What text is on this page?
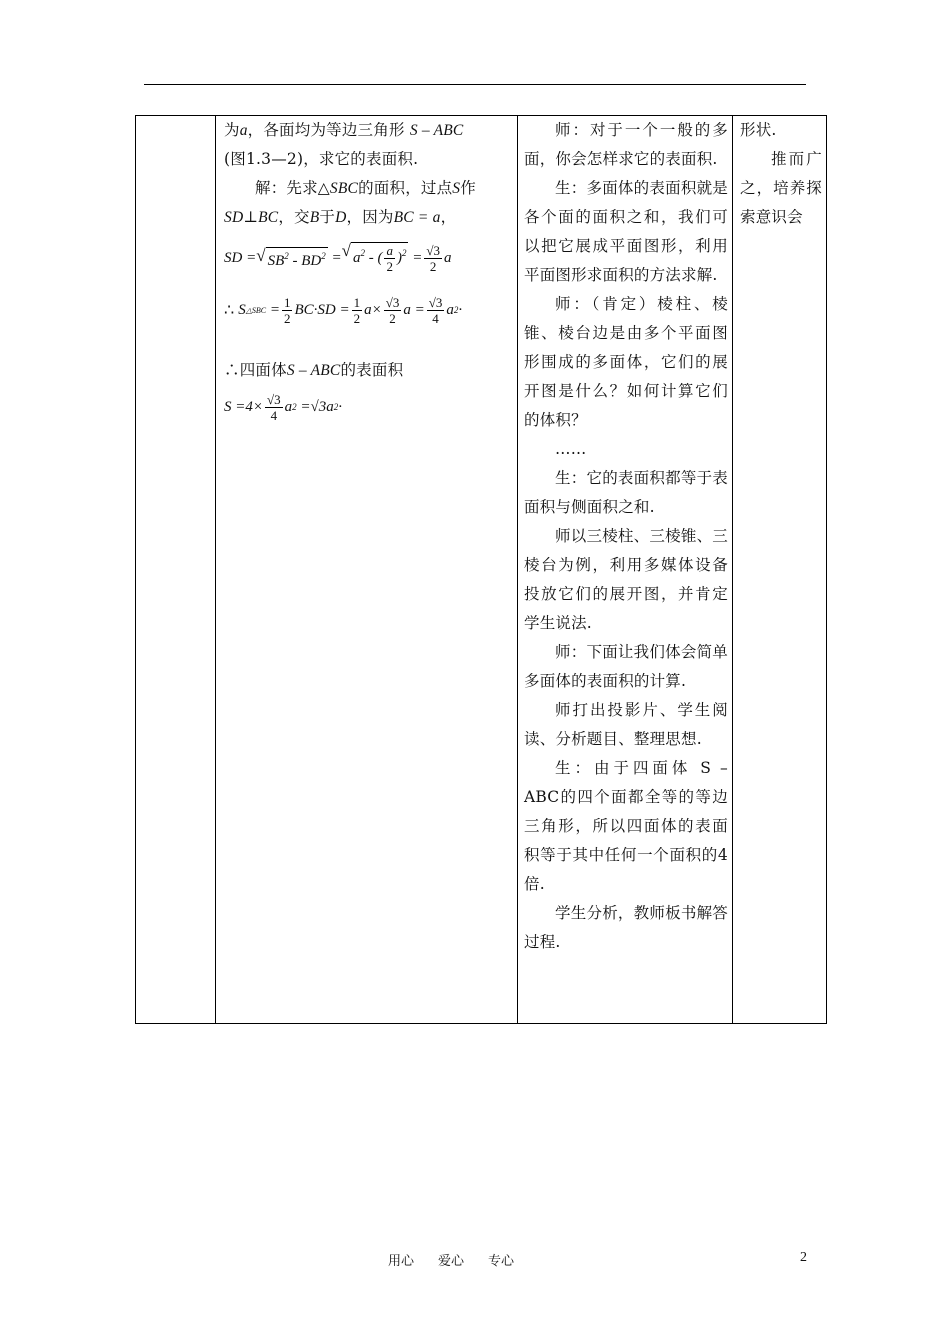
为a，各面均为等边三角形 S – ABC
(图1.3—2)，求它的表面积.

解：先求△SBC的面积，过点S作
SD⊥BC，交B于D，因为BC = a，

SD = √ $SB^2 - BD^2$ = √ $a^2$ - ( $\frac{a}{2} )^2 = \frac{√3}{2}$ a
∴ S △SBC = $\frac{1}{2} BC\cdot SD = \frac{1}{2}$ $a \times \frac{√3}{2}$ $a = \frac{√3}{4}$ a 2 ·

∴四面体S – ABC的表面积

$S =4\times \frac{√3}{4}$ a 2 =√3 a 2 ·

师：对于一个一般的多面，你会怎样求它的表面积.

生：多面体的表面积就是各个面的面积之和，我们可以把它展成平面图形，利用平面图形求面积的方法求解.

师：（肯定）棱柱、棱锥、棱台边是由多个平面图形围成的多面体，它们的展开图是什么？如何计算它们的体积？

……

生：它的表面积都等于表面积与侧面积之和.

师以三棱柱、三棱锥、三棱台为例，利用多媒体设备投放它们的展开图，并肯定学生说法.

师：下面让我们体会简单多面体的表面积的计算.

师打出投影片、学生阅读、分析题目、整理思想.

生：由于四面体 S – ABC的四个面都全等的等边三角形，所以四面体的表面积等于其中任何一个面积的4倍.

学生分析，教师板书解答过程.

形状.

推而广之，培养探索意识会

用心 爱心 专心	2
